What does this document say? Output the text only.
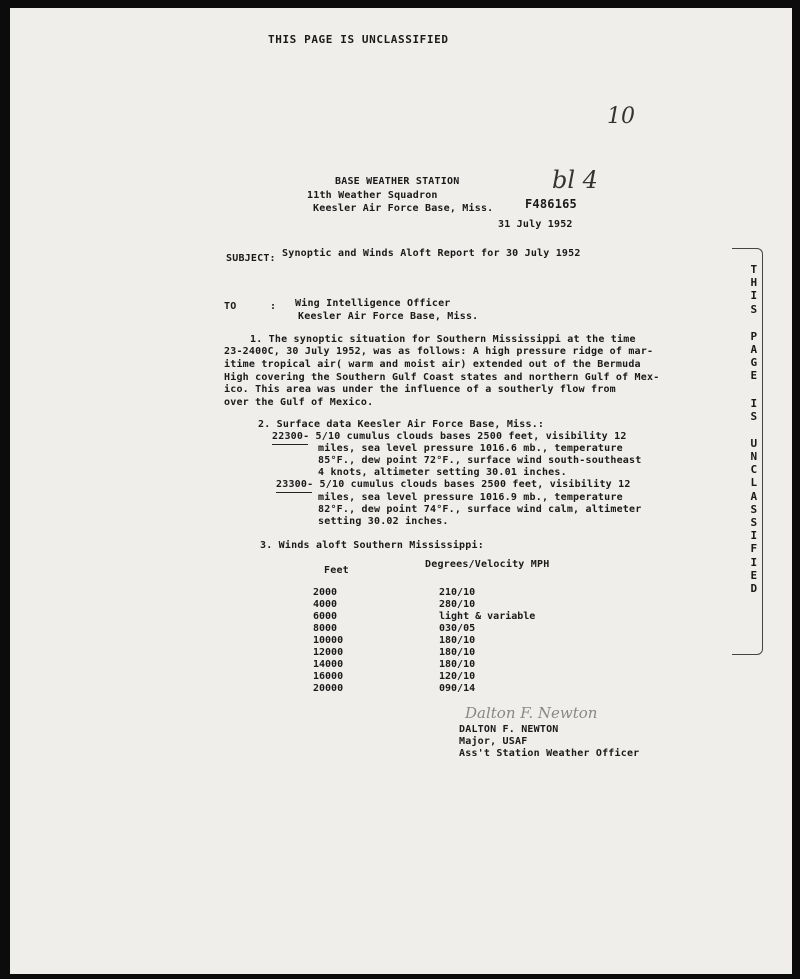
THIS PAGE IS UNCLASSIFIED
10
bl 4
F486165
BASE WEATHER STATION
11th Weather Squadron
Keesler Air Force Base, Miss.
31 July 1952
SUBJECT: Synoptic and Winds Aloft Report for 30 July 1952
TO	: Wing Intelligence Officer
Keesler Air Force Base, Miss.
1. The synoptic situation for Southern Mississippi at the time
23-2400C, 30 July 1952, was as follows: A high pressure ridge of mar-
itime tropical air( warm and moist air) extended out of the Bermuda
High covering the Southern Gulf Coast states and northern Gulf of Mex-
ico. This area was under the influence of a southerly flow from
over the Gulf of Mexico.
2. Surface data Keesler Air Force Base, Miss.:
22300- 5/10 cumulus clouds bases 2500 feet, visibility 12
miles, sea level pressure 1016.6 mb., temperature
85°F., dew point 72°F., surface wind south-southeast
4 knots, altimeter setting 30.01 inches.
23300- 5/10 cumulus clouds bases 2500 feet, visibility 12
miles, sea level pressure 1016.9 mb., temperature
82°F., dew point 74°F., surface wind calm, altimeter
setting 30.02 inches.
3. Winds aloft Southern Mississippi:
Feet
Degrees/Velocity MPH
2000	210/10
4000	280/10
6000	light & variable
8000	030/05
10000	180/10
12000	180/10
14000	180/10
16000	120/10
20000	090/14
Dalton F. Newton
DALTON F. NEWTON
Major, USAF
Ass't Station Weather Officer
T
H
I
S
P
A
G
E
I
S
U
N
C
L
A
S
S
I
F
I
E
D
